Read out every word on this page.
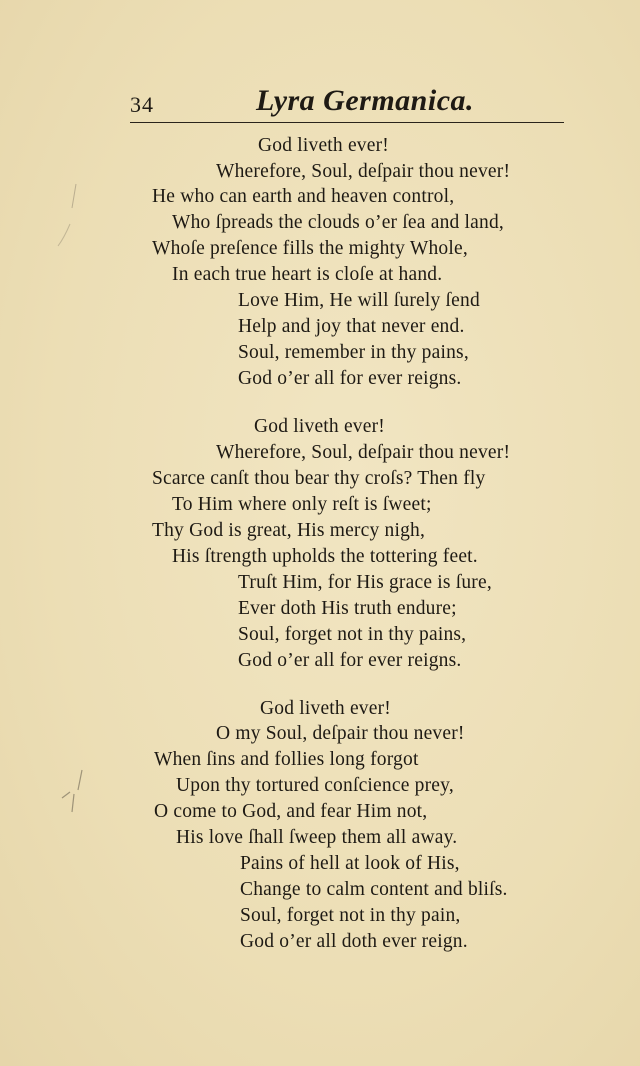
34	Lyra Germanica.
God liveth ever!
Wherefore, Soul, deſpair thou never!
He who can earth and heaven control,
Who ſpreads the clouds o’er ſea and land,
Whoſe preſence fills the mighty Whole,
In each true heart is cloſe at hand.
Love Him, He will ſurely ſend
Help and joy that never end.
Soul, remember in thy pains,
God o’er all for ever reigns.
God liveth ever!
Wherefore, Soul, deſpair thou never!
Scarce canſt thou bear thy croſs? Then fly
To Him where only reſt is ſweet;
Thy God is great, His mercy nigh,
His ſtrength upholds the tottering feet.
Truſt Him, for His grace is ſure,
Ever doth His truth endure;
Soul, forget not in thy pains,
God o’er all for ever reigns.
God liveth ever!
O my Soul, deſpair thou never!
When ſins and follies long forgot
Upon thy tortured conſcience prey,
O come to God, and fear Him not,
His love ſhall ſweep them all away.
Pains of hell at look of His,
Change to calm content and bliſs.
Soul, forget not in thy pain,
God o’er all doth ever reign.
